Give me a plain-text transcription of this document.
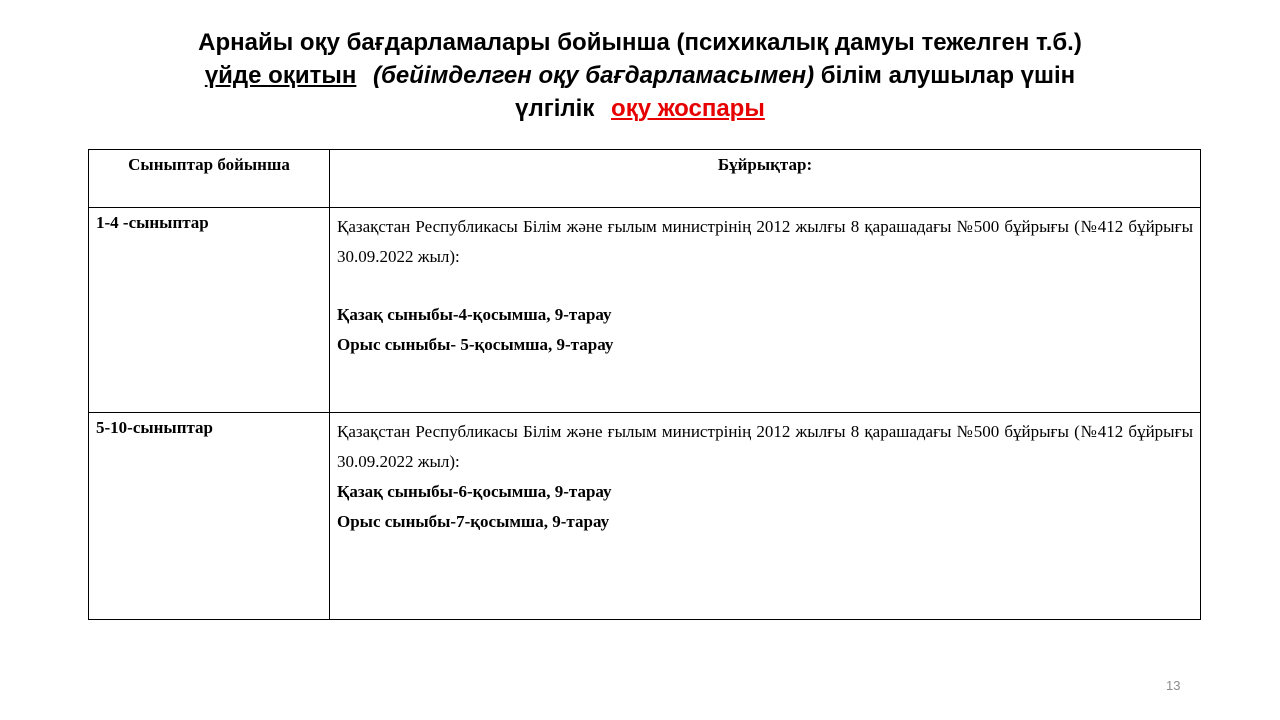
Арнайы оқу бағдарламалары бойынша (психикалық дамуы тежелген т.б.)
үйде оқитын (бейімделген оқу бағдарламасымен) білім алушылар үшін
үлгілік оқу жоспары
Сыныптар бойынша	Бұйрықтар:
1-4 -сыныптар	Қазақстан Республикасы Білім және ғылым министрінің 2012 жылғы 8 қарашадағы №500 бұйрығы (№412 бұйрығы 30.09.2022 жыл):

Қазақ сыныбы-4-қосымша, 9-тарау

Орыс сыныбы- 5-қосымша, 9-тарау

5-10-сыныптар	Қазақстан Республикасы Білім және ғылым министрінің 2012 жылғы 8 қарашадағы №500 бұйрығы (№412 бұйрығы 30.09.2022 жыл):

Қазақ сыныбы-6-қосымша, 9-тарау

Орыс сыныбы-7-қосымша, 9-тарау

13
